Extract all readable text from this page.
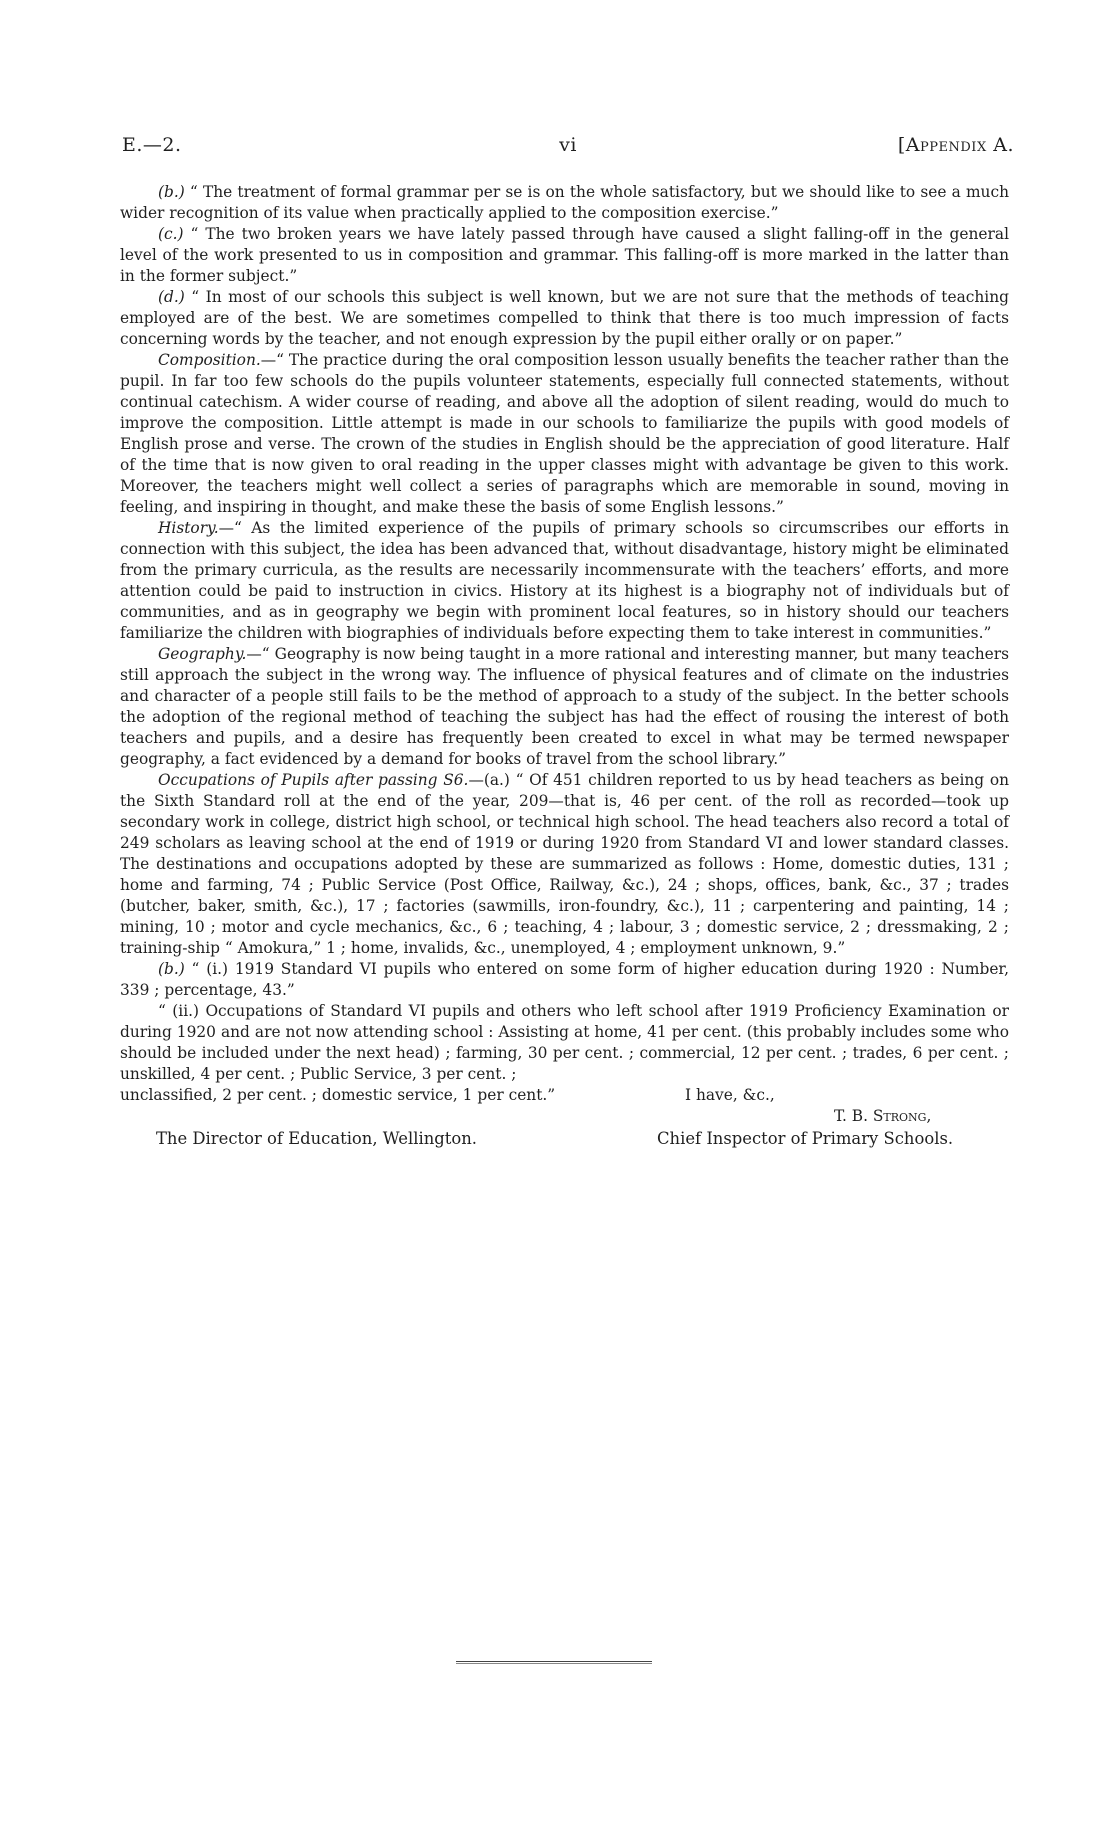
E.—2.	vi	[Appendix A.

(b.) “ The treatment of formal grammar per se is on the whole satisfactory, but we should like to see a much wider recognition of its value when practically applied to the composition exercise.”

(c.) “ The two broken years we have lately passed through have caused a slight falling-off in the general level of the work presented to us in composition and grammar. This falling-off is more marked in the latter than in the former subject.”

(d.) “ In most of our schools this subject is well known, but we are not sure that the methods of teaching employed are of the best. We are sometimes compelled to think that there is too much impression of facts concerning words by the teacher, and not enough expression by the pupil either orally or on paper.”

Composition.—“ The practice during the oral composition lesson usually benefits the teacher rather than the pupil. In far too few schools do the pupils volunteer statements, especially full connected statements, without continual catechism. A wider course of reading, and above all the adoption of silent reading, would do much to improve the composition. Little attempt is made in our schools to familiarize the pupils with good models of English prose and verse. The crown of the studies in English should be the appreciation of good literature. Half of the time that is now given to oral reading in the upper classes might with advantage be given to this work. Moreover, the teachers might well collect a series of paragraphs which are memorable in sound, moving in feeling, and inspiring in thought, and make these the basis of some English lessons.”

History.—“ As the limited experience of the pupils of primary schools so circumscribes our efforts in connection with this subject, the idea has been advanced that, without disadvantage, history might be eliminated from the primary curricula, as the results are necessarily incommensurate with the teachers’ efforts, and more attention could be paid to instruction in civics. History at its highest is a biography not of individuals but of communities, and as in geography we begin with prominent local features, so in history should our teachers familiarize the children with biographies of individuals before expecting them to take interest in communities.”

Geography.—“ Geography is now being taught in a more rational and interesting manner, but many teachers still approach the subject in the wrong way. The influence of physical features and of climate on the industries and character of a people still fails to be the method of approach to a study of the subject. In the better schools the adoption of the regional method of teaching the subject has had the effect of rousing the interest of both teachers and pupils, and a desire has frequently been created to excel in what may be termed newspaper geography, a fact evidenced by a demand for books of travel from the school library.”

Occupations of Pupils after passing S6.—(a.) “ Of 451 children reported to us by head teachers as being on the Sixth Standard roll at the end of the year, 209—that is, 46 per cent. of the roll as recorded—took up secondary work in college, district high school, or technical high school. The head teachers also record a total of 249 scholars as leaving school at the end of 1919 or during 1920 from Standard VI and lower standard classes. The destinations and occupations adopted by these are summarized as follows : Home, domestic duties, 131 ; home and farming, 74 ; Public Service (Post Office, Railway, &c.), 24 ; shops, offices, bank, &c., 37 ; trades (butcher, baker, smith, &c.), 17 ; factories (sawmills, iron-foundry, &c.), 11 ; carpentering and painting, 14 ; mining, 10 ; motor and cycle mechanics, &c., 6 ; teaching, 4 ; labour, 3 ; domestic service, 2 ; dressmaking, 2 ; training-ship “ Amokura,” 1 ; home, invalids, &c., unemployed, 4 ; employment unknown, 9.”

(b.) “ (i.) 1919 Standard VI pupils who entered on some form of higher education during 1920 : Number, 339 ; percentage, 43.”

“ (ii.) Occupations of Standard VI pupils and others who left school after 1919 Proficiency Examination or during 1920 and are not now attending school : Assisting at home, 41 per cent. (this probably includes some who should be included under the next head) ; farming, 30 per cent. ; commercial, 12 per cent. ; trades, 6 per cent. ; unskilled, 4 per cent. ; Public Service, 3 per cent. ;

unclassified, 2 per cent. ; domestic service, 1 per cent.”	I have, &c.,
T. B. Strong,
The Director of Education, Wellington.	Chief Inspector of Primary Schools.
